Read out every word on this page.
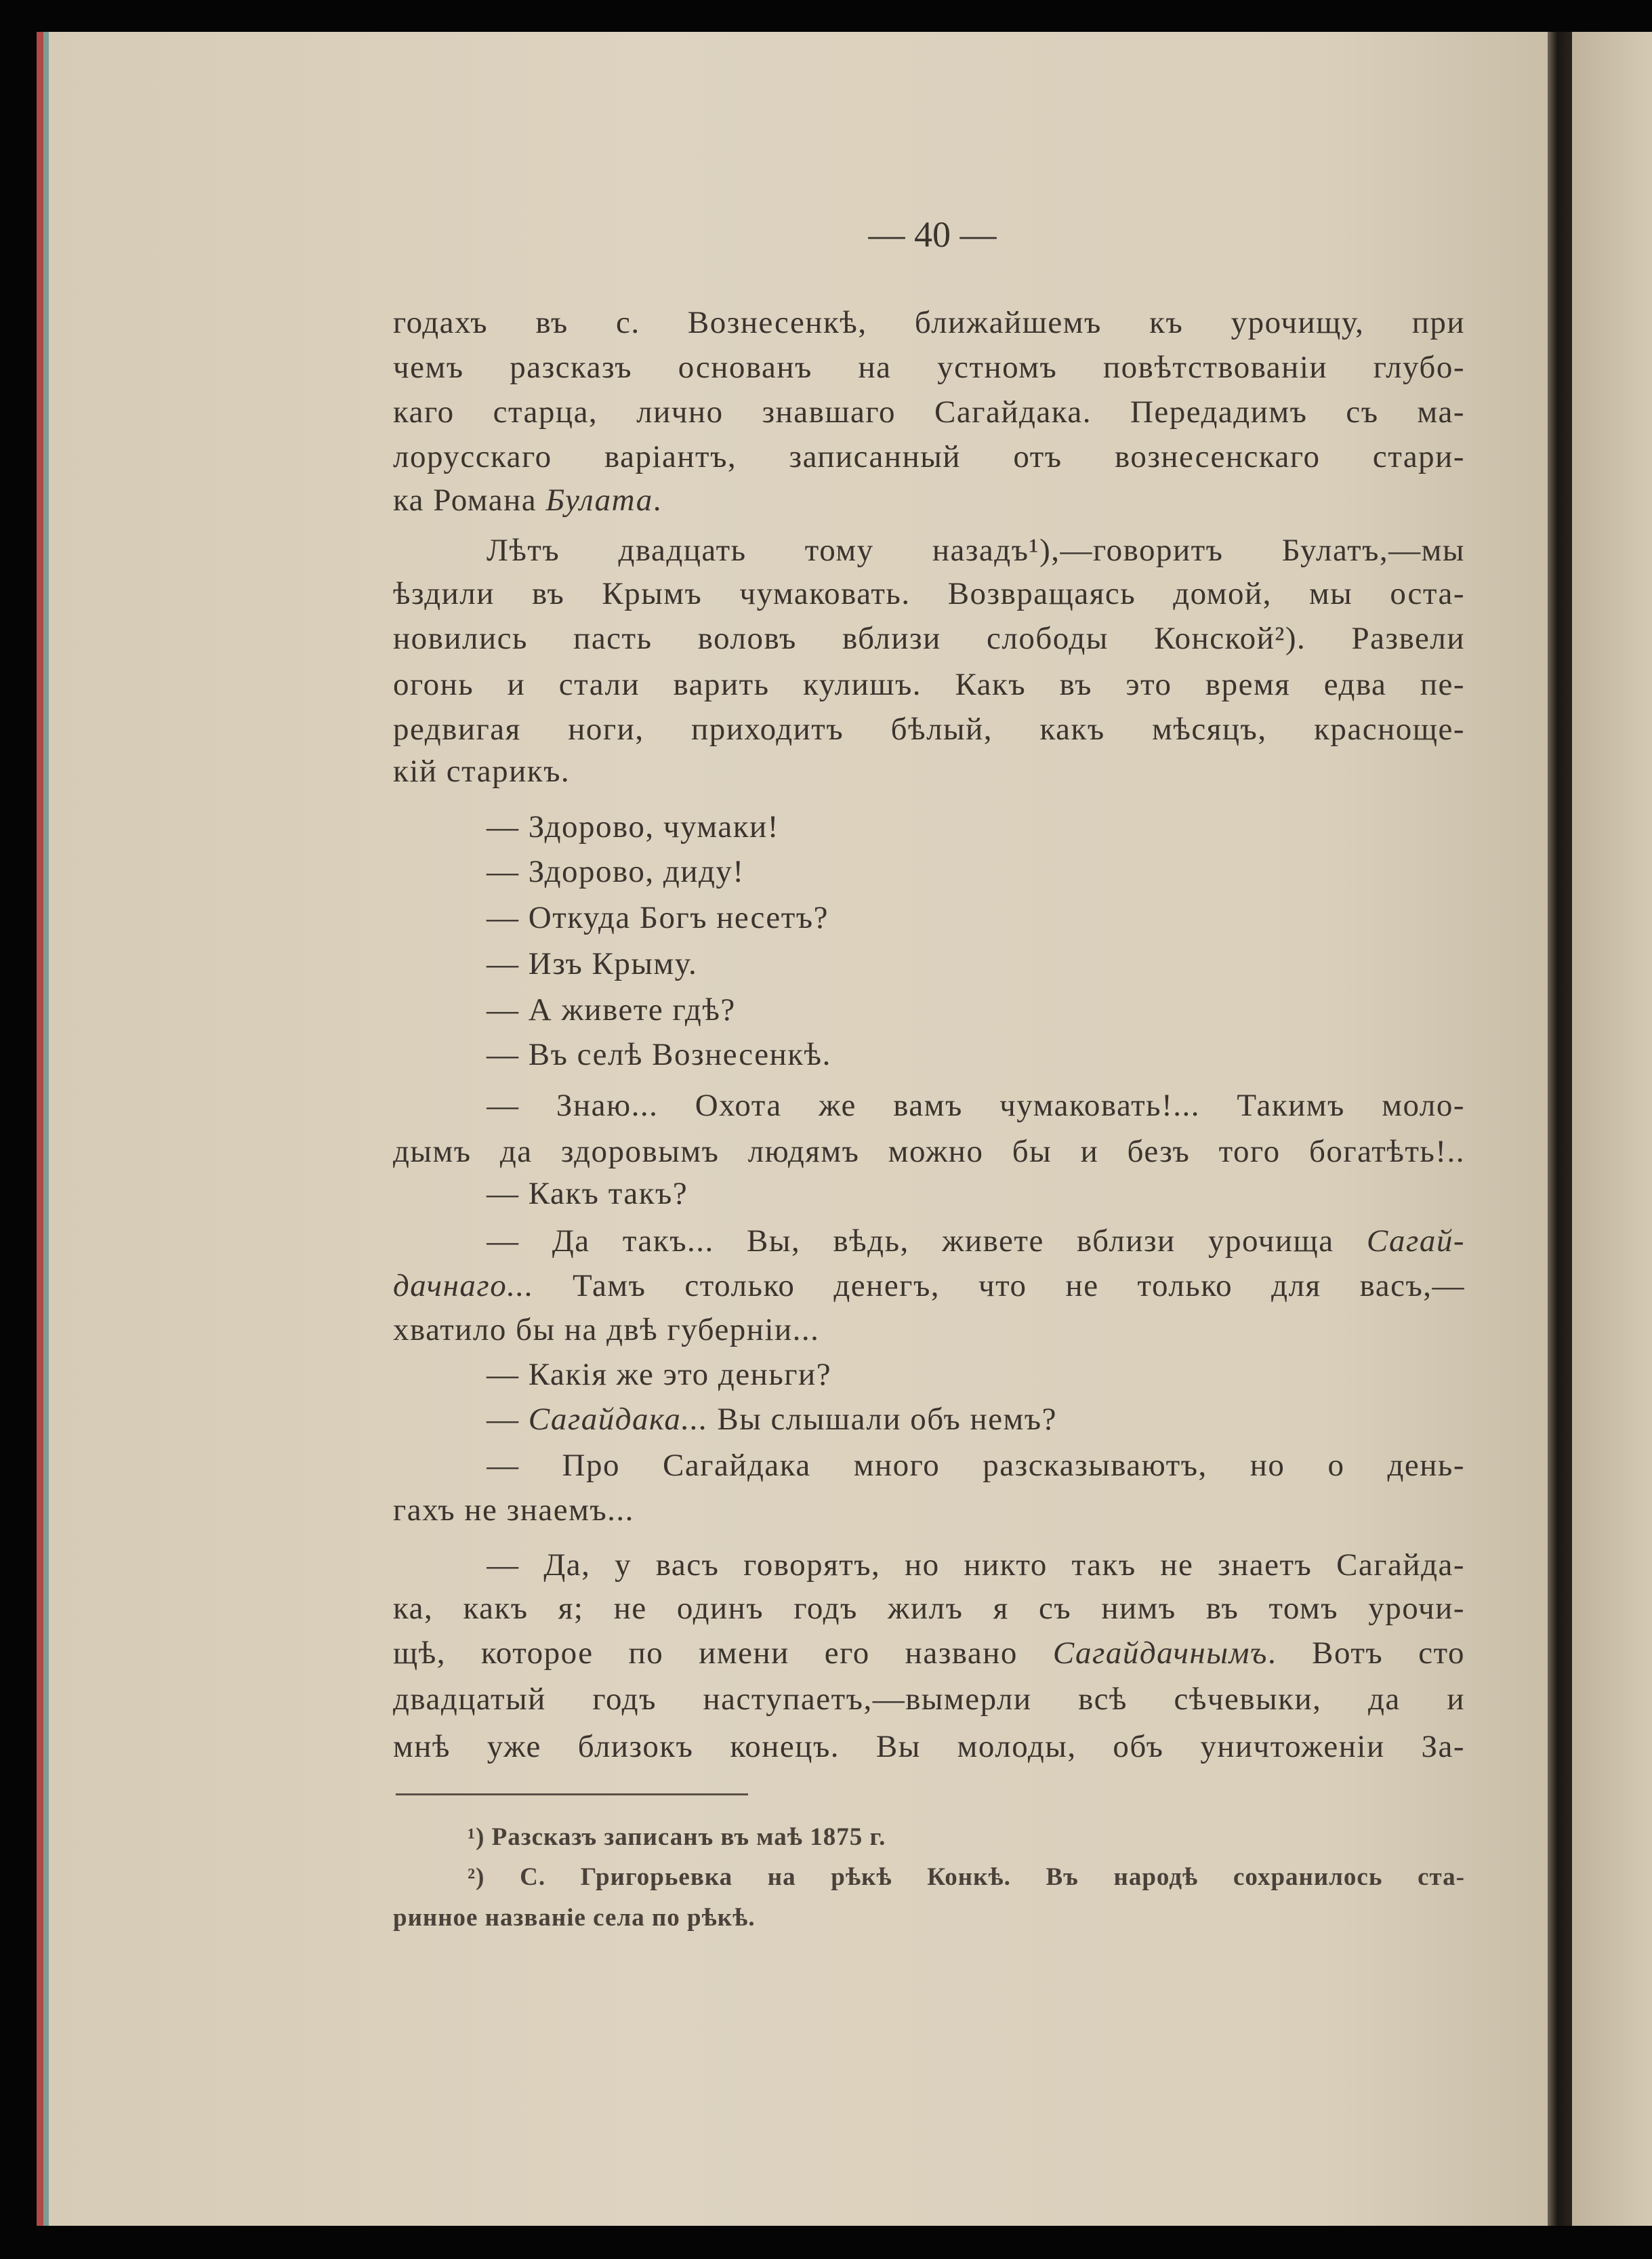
— 40 —
годахъ въ с. Вознесенкѣ, ближайшемъ къ урочищу, при
чемъ разсказъ основанъ на устномъ повѣтствованіи глубо-
каго старца, лично знавшаго Сагайдака. Передадимъ съ ма-
лорусскаго варіантъ, записанный отъ вознесенскаго стари-
ка Романа Булата.
Лѣтъ двадцать тому назадъ¹),—говоритъ Булатъ,—мы
ѣздили въ Крымъ чумаковать. Возвращаясь домой, мы оста-
новились пасть воловъ вблизи слободы Конской²). Развели
огонь и стали варить кулишъ. Какъ въ это время едва пе-
редвигая ноги, приходитъ бѣлый, какъ мѣсяцъ, красноще-
кій старикъ.
— Здорово, чумаки!
— Здорово, диду!
— Откуда Богъ несетъ?
— Изъ Крыму.
— А живете гдѣ?
— Въ селѣ Вознесенкѣ.
— Знаю... Охота же вамъ чумаковать!... Такимъ моло-
дымъ да здоровымъ людямъ можно бы и безъ того богатѣть!..
— Какъ такъ?
— Да такъ... Вы, вѣдь, живете вблизи урочища Сагай-
дачнаго... Тамъ столько денегъ, что не только для васъ,—
хватило бы на двѣ губерніи...
— Какія же это деньги?
— Сагайдака... Вы слышали объ немъ?
— Про Сагайдака много разсказываютъ, но о день-
гахъ не знаемъ...
— Да, у васъ говорятъ, но никто такъ не знаетъ Сагайда-
ка, какъ я; не одинъ годъ жилъ я съ нимъ въ томъ урочи-
щѣ, которое по имени его названо Сагайдачнымъ. Вотъ сто
двадцатый годъ наступаетъ,—вымерли всѣ сѣчевыки, да и
мнѣ уже близокъ конецъ. Вы молоды, объ уничтоженіи За-
¹) Разсказъ записанъ въ маѣ 1875 г.
²) С. Григорьевка на рѣкѣ Конкѣ. Въ народѣ сохранилось ста-
ринное названіе села по рѣкѣ.
